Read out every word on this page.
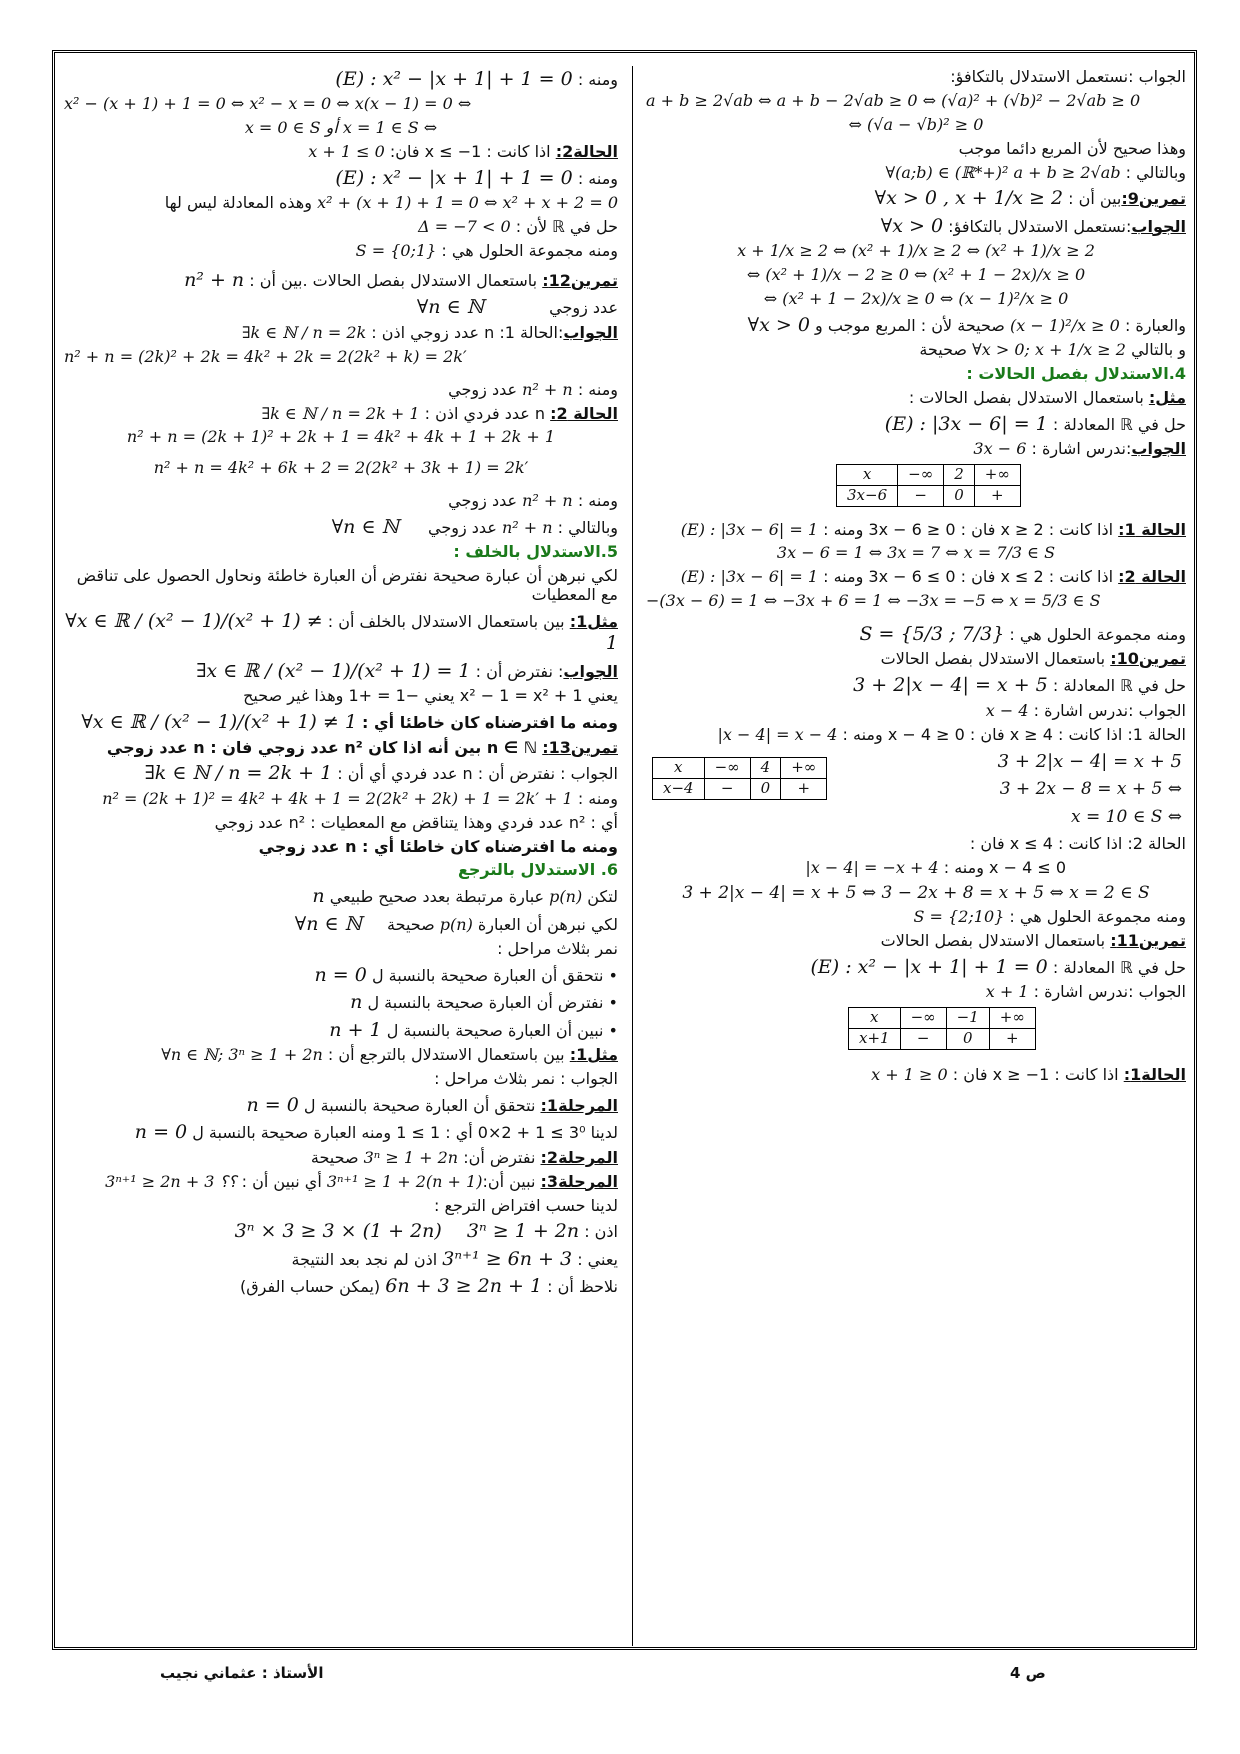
الجواب :نستعمل الاستدلال بالتكافؤ:

a + b ≥ 2√ab ⇔ a + b − 2√ab ≥ 0 ⇔ (√a)² + (√b)² − 2√ab ≥ 0

⇔ (√a − √b)² ≥ 0

وهذا صحيح لأن المربع دائما موجب

وبالتالي : ∀(a;b) ∈ (ℝ*+)² a + b ≥ 2√ab

تمرين9:بين أن : ∀x > 0 , x + 1/x ≥ 2

الجواب:نستعمل الاستدلال بالتكافؤ: ∀x > 0

x + 1/x ≥ 2 ⇔ (x² + 1)/x ≥ 2 ⇔ (x² + 1)/x ≥ 2

⇔ (x² + 1)/x − 2 ≥ 0 ⇔ (x² + 1 − 2x)/x ≥ 0

⇔ (x² + 1 − 2x)/x ≥ 0 ⇔ (x − 1)²/x ≥ 0

والعبارة : (x − 1)²/x ≥ 0 صحيحة لأن : المربع موجب و ∀x > 0

و بالتالي ∀x > 0; x + 1/x ≥ 2 صحيحة

4.الاستدلال بفصل الحالات :

مثل: باستعمال الاستدلال بفصل الحالات :

حل في ℝ المعادلة : (E) : |3x − 6| = 1

الجواب:ندرس اشارة : 3x − 6

x	−∞	2	+∞
3x−6	−	0	+

الحالة 1: اذا كانت : x ≥ 2 فان : 3x − 6 ≥ 0 ومنه : (E) : |3x − 6| = 1

3x − 6 = 1 ⇔ 3x = 7 ⇔ x = 7/3 ∈ S

الحالة 2: اذا كانت : x ≤ 2 فان : 3x − 6 ≤ 0 ومنه : (E) : |3x − 6| = 1

−(3x − 6) = 1 ⇔ −3x + 6 = 1 ⇔ −3x = −5 ⇔ x = 5/3 ∈ S

ومنه مجموعة الحلول هي : S = {5/3 ; 7/3}

تمرين10: باستعمال الاستدلال بفصل الحالات

حل في ℝ المعادلة : 3 + 2|x − 4| = x + 5

الجواب :ندرس اشارة : x − 4

الحالة 1: اذا كانت : x ≥ 4 فان : x − 4 ≥ 0 ومنه : |x − 4| = x − 4

x	−∞	4	+∞
x−4	−	0	+
3 + 2|x − 4| = x + 5
3 + 2x − 8 = x + 5 ⇔
x = 10 ∈ S ⇔

الحالة 2: اذا كانت : x ≤ 4 فان :

x − 4 ≤ 0 ومنه : |x − 4| = −x + 4

3 + 2|x − 4| = x + 5 ⇔ 3 − 2x + 8 = x + 5 ⇔ x = 2 ∈ S

ومنه مجموعة الحلول هي : S = {2;10}

تمرين11: باستعمال الاستدلال بفصل الحالات

حل في ℝ المعادلة : (E) : x² − |x + 1| + 1 = 0

الجواب :ندرس اشارة : x + 1

x	−∞	−1	+∞
x+1	−	0	+

الحالة1: اذا كانت : x ≥ −1 فان : x + 1 ≥ 0

ومنه : (E) : x² − |x + 1| + 1 = 0

x² − (x + 1) + 1 = 0 ⇔ x² − x = 0 ⇔ x(x − 1) = 0 ⇔

x = 0 ∈ S أو x = 1 ∈ S ⇔

الحالة2: اذا كانت : x ≤ −1 فان: x + 1 ≤ 0

ومنه : (E) : x² − |x + 1| + 1 = 0

x² + (x + 1) + 1 = 0 ⇔ x² + x + 2 = 0 وهذه المعادلة ليس لها

حل في ℝ لأن : Δ = −7 < 0

ومنه مجموعة الحلول هي : S = {0;1}

تمرين12: باستعمال الاستدلال بفصل الحالات .بين أن : n² + n

عدد زوجي ∀n ∈ ℕ

الجواب:الحالة 1: n عدد زوجي اذن : ∃k ∈ ℕ / n = 2k

n² + n = (2k)² + 2k = 4k² + 2k = 2(2k² + k) = 2k′

ومنه : n² + n عدد زوجي

الحالة 2: n عدد فردي اذن : ∃k ∈ ℕ / n = 2k + 1

n² + n = (2k + 1)² + 2k + 1 = 4k² + 4k + 1 + 2k + 1

n² + n = 4k² + 6k + 2 = 2(2k² + 3k + 1) = 2k′

ومنه : n² + n عدد زوجي

وبالتالي : n² + n عدد زوجي ∀n ∈ ℕ

5.الاستدلال بالخلف :

لكي نبرهن أن عبارة صحيحة نفترض أن العبارة خاطئة ونحاول الحصول على تناقض مع المعطيات

مثل1: بين باستعمال الاستدلال بالخلف أن : ∀x ∈ ℝ / (x² − 1)/(x² + 1) ≠ 1

الجواب: نفترض أن : ∃x ∈ ℝ / (x² − 1)/(x² + 1) = 1

يعني x² − 1 = x² + 1 يعني −1 = +1 وهذا غير صحيح

ومنه ما افترضناه كان خاطئا أي : ∀x ∈ ℝ / (x² − 1)/(x² + 1) ≠ 1

تمرين13: n ∈ ℕ بين أنه اذا كان n² عدد زوجي فان : n عدد زوجي

الجواب : نفترض أن : n عدد فردي أي أن : ∃k ∈ ℕ / n = 2k + 1

ومنه : n² = (2k + 1)² = 4k² + 4k + 1 = 2(2k² + 2k) + 1 = 2k′ + 1

أي : n² عدد فردي وهذا يتناقض مع المعطيات : n² عدد زوجي

ومنه ما افترضناه كان خاطئا أي : n عدد زوجي

6. الاستدلال بالترجع

لتكن p(n) عبارة مرتبطة بعدد صحيح طبيعي n

لكي نبرهن أن العبارة p(n) صحيحة ∀n ∈ ℕ

نمر بثلاث مراحل :

• نتحقق أن العبارة صحيحة بالنسبة ل n = 0

• نفترض أن العبارة صحيحة بالنسبة ل n

• نبين أن العبارة صحيحة بالنسبة ل n + 1

مثل1: بين باستعمال الاستدلال بالترجع أن : ∀n ∈ ℕ; 3ⁿ ≥ 1 + 2n

الجواب : نمر بثلاث مراحل :

المرحلة1: نتحقق أن العبارة صحيحة بالنسبة ل n = 0

لدينا 3⁰ ≥ 1 + 2×0 أي : 1 ≥ 1 ومنه العبارة صحيحة بالنسبة ل n = 0

المرحلة2: نفترض أن: 3ⁿ ≥ 1 + 2n صحيحة

المرحلة3: نبين أن:3ⁿ⁺¹ ≥ 1 + 2(n + 1) أي نبين أن : 3ⁿ⁺¹ ≥ 2n + 3 ؟؟

لدينا حسب افتراض الترجع :

اذن : 3ⁿ ≥ 1 + 2n 3ⁿ × 3 ≥ 3 × (1 + 2n)

يعني : 3ⁿ⁺¹ ≥ 6n + 3 اذن لم نجد بعد النتيجة

نلاحظ أن : 6n + 3 ≥ 2n + 1 (يمكن حساب الفرق)

ص 4
الأستاذ : عثماني نجيب
